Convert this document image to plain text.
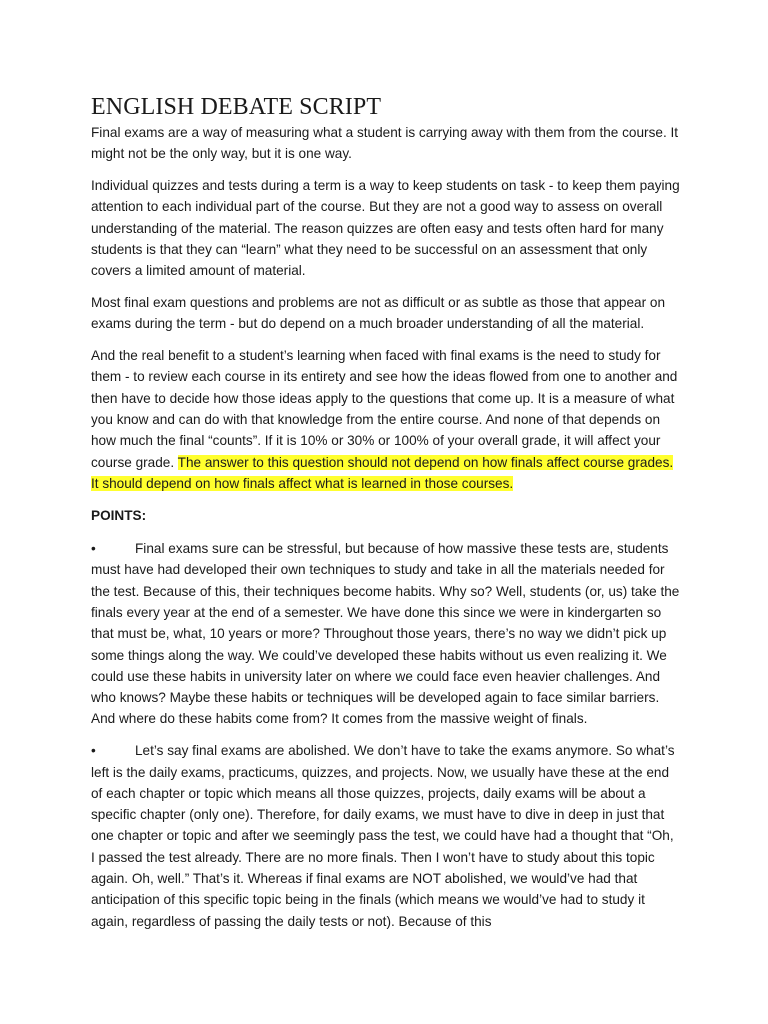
ENGLISH DEBATE SCRIPT

Final exams are a way of measuring what a student is carrying away with them from the course. It might not be the only way, but it is one way.

Individual quizzes and tests during a term is a way to keep students on task - to keep them paying attention to each individual part of the course. But they are not a good way to assess on overall understanding of the material. The reason quizzes are often easy and tests often hard for many students is that they can “learn” what they need to be successful on an assessment that only covers a limited amount of material.

Most final exam questions and problems are not as difficult or as subtle as those that appear on exams during the term - but do depend on a much broader understanding of all the material.

And the real benefit to a student’s learning when faced with final exams is the need to study for them - to review each course in its entirety and see how the ideas flowed from one to another and then have to decide how those ideas apply to the questions that come up. It is a measure of what you know and can do with that knowledge from the entire course. And none of that depends on how much the final “counts”. If it is 10% or 30% or 100% of your overall grade, it will affect your course grade. The answer to this question should not depend on how finals affect course grades. It should depend on how finals affect what is learned in those courses.

POINTS:

•	Final exams sure can be stressful, but because of how massive these tests are, students must have had developed their own techniques to study and take in all the materials needed for the test. Because of this, their techniques become habits. Why so? Well, students (or, us) take the finals every year at the end of a semester. We have done this since we were in kindergarten so that must be, what, 10 years or more? Throughout those years, there’s no way we didn’t pick up some things along the way. We could’ve developed these habits without us even realizing it. We could use these habits in university later on where we could face even heavier challenges. And who knows? Maybe these habits or techniques will be developed again to face similar barriers. And where do these habits come from? It comes from the massive weight of finals.

•	Let’s say final exams are abolished. We don’t have to take the exams anymore. So what’s left is the daily exams, practicums, quizzes, and projects. Now, we usually have these at the end of each chapter or topic which means all those quizzes, projects, daily exams will be about a specific chapter (only one). Therefore, for daily exams, we must have to dive in deep in just that one chapter or topic and after we seemingly pass the test, we could have had a thought that “Oh, I passed the test already. There are no more finals. Then I won’t have to study about this topic again. Oh, well.” That’s it. Whereas if final exams are NOT abolished, we would’ve had that anticipation of this specific topic being in the finals (which means we would’ve had to study it again, regardless of passing the daily tests or not). Because of this
